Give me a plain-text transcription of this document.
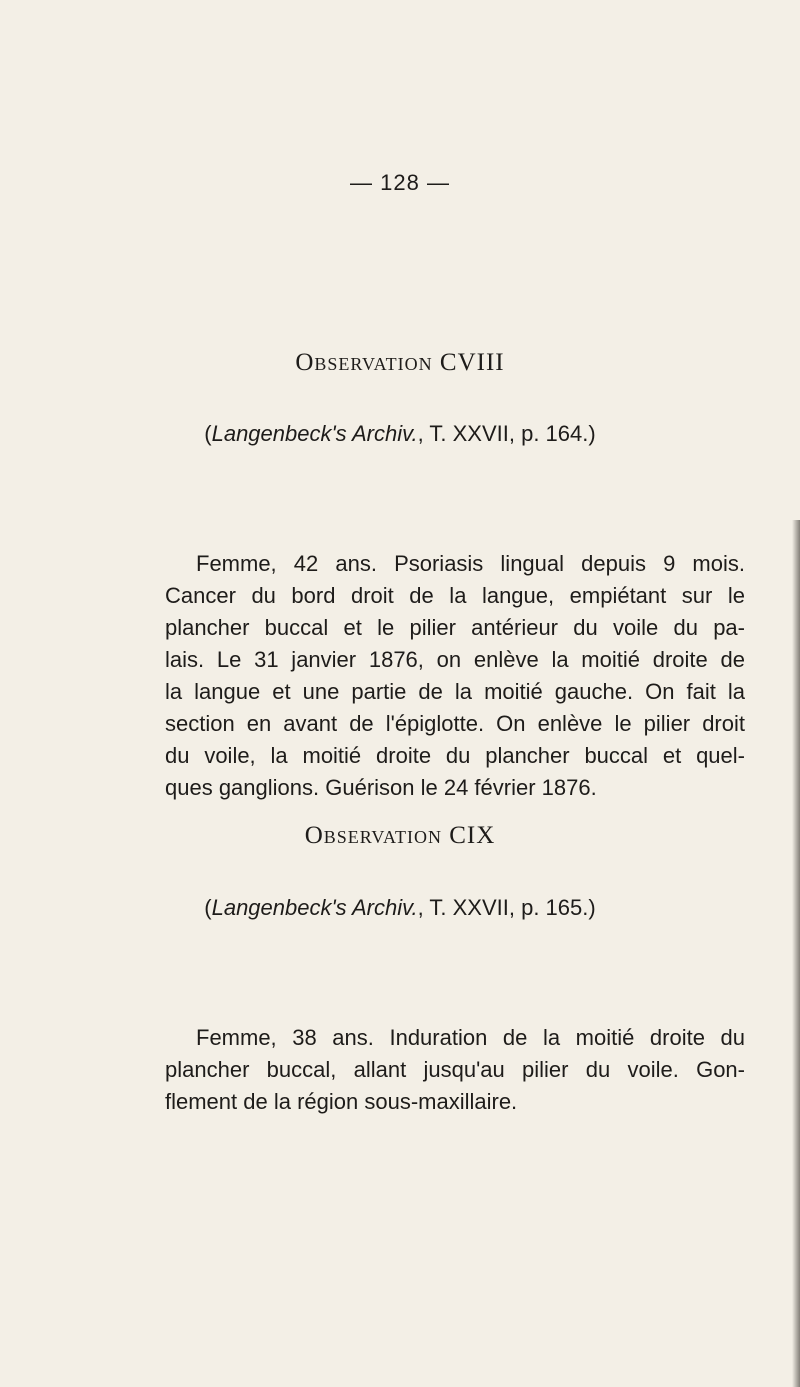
— 128 —
Observation CVIII
(Langenbeck's Archiv., T. XXVII, p. 164.)
Femme, 42 ans. Psoriasis lingual depuis 9 mois.
Cancer du bord droit de la langue, empiétant sur le
plancher buccal et le pilier antérieur du voile du pa-
lais. Le 31 janvier 1876, on enlève la moitié droite de
la langue et une partie de la moitié gauche. On fait la
section en avant de l'épiglotte. On enlève le pilier droit
du voile, la moitié droite du plancher buccal et quel-
ques ganglions. Guérison le 24 février 1876.
Observation CIX
(Langenbeck's Archiv., T. XXVII, p. 165.)
Femme, 38 ans. Induration de la moitié droite du
plancher buccal, allant jusqu'au pilier du voile. Gon-
flement de la région sous-maxillaire.
